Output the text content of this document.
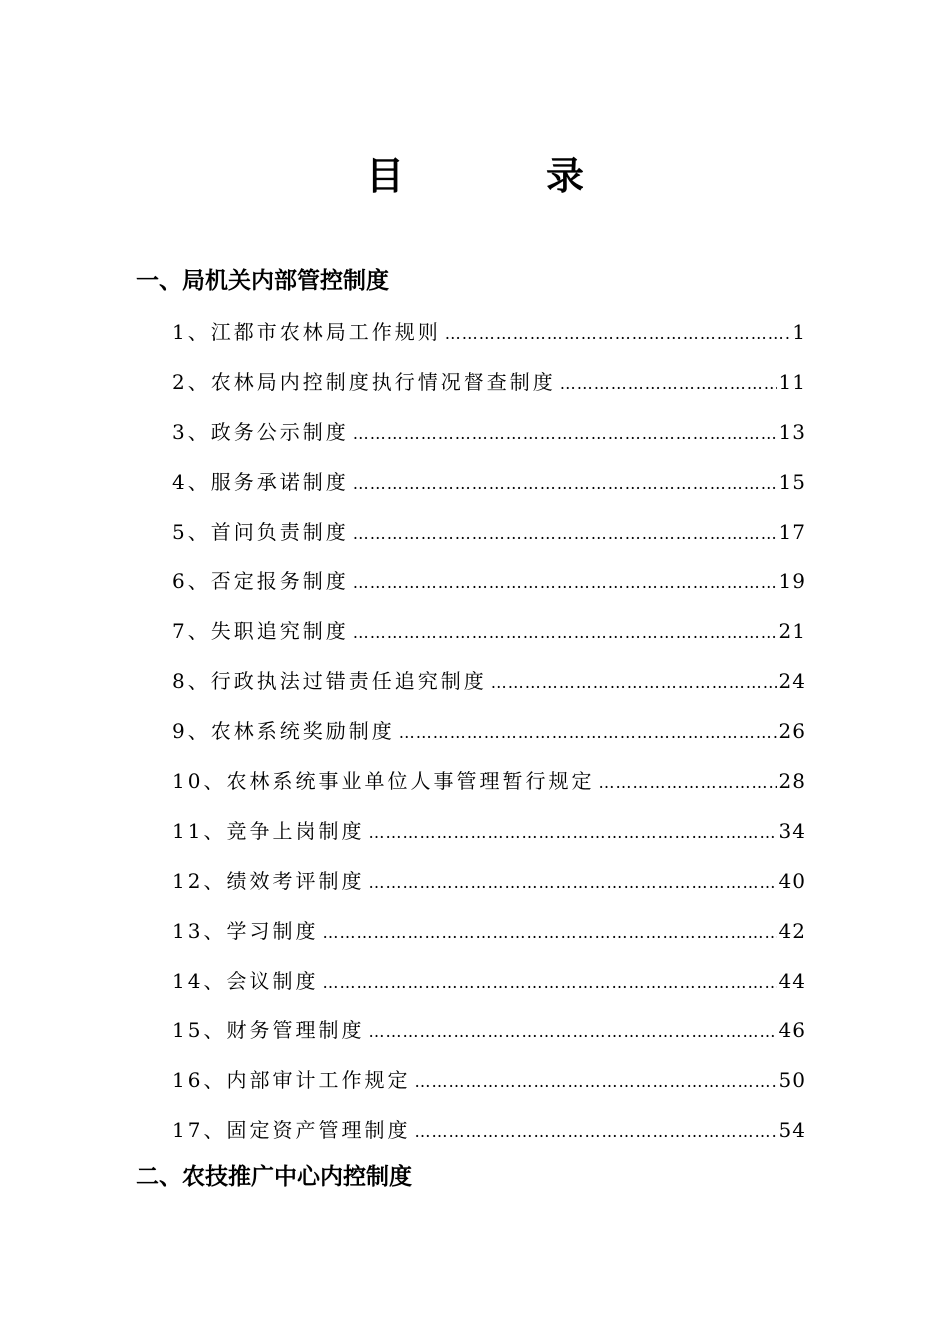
目　录
一、局机关内部管控制度
1、江都市农林局工作规则 …………………………………………………………………………………………………………………………………………………………………………………	1
2、农林局内控制度执行情况督查制度 …………………………………………………………………………………………………………………………………………………………………………………	11
3、政务公示制度 …………………………………………………………………………………………………………………………………………………………………………………	13
4、服务承诺制度 …………………………………………………………………………………………………………………………………………………………………………………	15
5、首问负责制度 …………………………………………………………………………………………………………………………………………………………………………………	17
6、否定报务制度 …………………………………………………………………………………………………………………………………………………………………………………	19
7、失职追究制度 …………………………………………………………………………………………………………………………………………………………………………………	21
8、行政执法过错责任追究制度 …………………………………………………………………………………………………………………………………………………………………………………	24
9、农林系统奖励制度 …………………………………………………………………………………………………………………………………………………………………………………	26
10、农林系统事业单位人事管理暂行规定 …………………………………………………………………………………………………………………………………………………………………………………	28
11、竞争上岗制度 …………………………………………………………………………………………………………………………………………………………………………………	34
12、绩效考评制度 …………………………………………………………………………………………………………………………………………………………………………………	40
13、学习制度 …………………………………………………………………………………………………………………………………………………………………………………	42
14、会议制度 …………………………………………………………………………………………………………………………………………………………………………………	44
15、财务管理制度 …………………………………………………………………………………………………………………………………………………………………………………	46
16、内部审计工作规定 …………………………………………………………………………………………………………………………………………………………………………………	50
17、固定资产管理制度 …………………………………………………………………………………………………………………………………………………………………………………	54
二、农技推广中心内控制度
